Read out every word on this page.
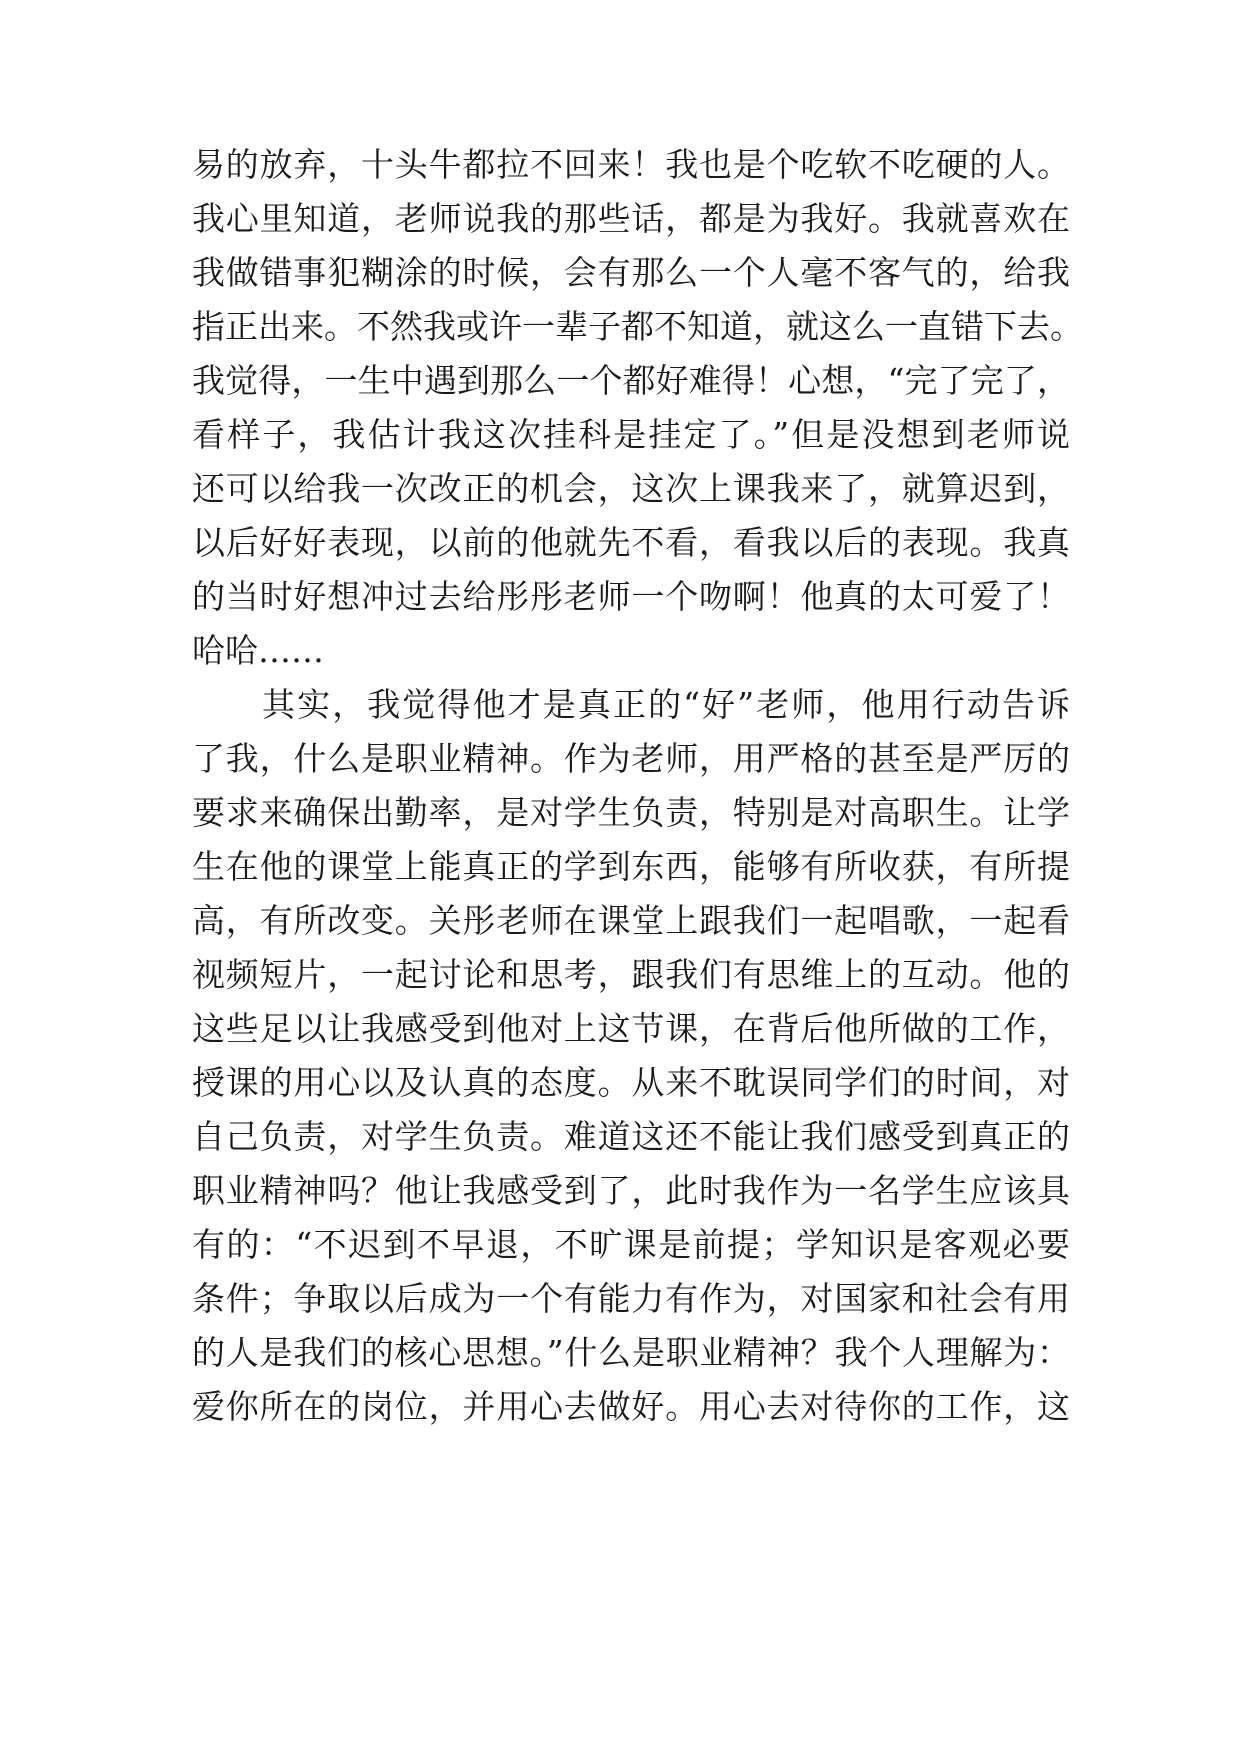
易的放弃，十头牛都拉不回来！我也是个吃软不吃硬的人。
我心里知道，老师说我的那些话，都是为我好。我就喜欢在
我做错事犯糊涂的时候，会有那么一个人毫不客气的，给我
指正出来。不然我或许一辈子都不知道，就这么一直错下去。
我觉得，一生中遇到那么一个都好难得！心想，“完了完了，
看样子，我估计我这次挂科是挂定了。”但是没想到老师说
还可以给我一次改正的机会，这次上课我来了，就算迟到，
以后好好表现，以前的他就先不看，看我以后的表现。我真
的当时好想冲过去给彤彤老师一个吻啊！他真的太可爱了！
哈哈……
其实，我觉得他才是真正的“好”老师，他用行动告诉
了我，什么是职业精神。作为老师，用严格的甚至是严厉的
要求来确保出勤率，是对学生负责，特别是对高职生。让学
生在他的课堂上能真正的学到东西，能够有所收获，有所提
高，有所改变。关彤老师在课堂上跟我们一起唱歌，一起看
视频短片，一起讨论和思考，跟我们有思维上的互动。他的
这些足以让我感受到他对上这节课，在背后他所做的工作，
授课的用心以及认真的态度。从来不耽误同学们的时间，对
自己负责，对学生负责。难道这还不能让我们感受到真正的
职业精神吗？他让我感受到了，此时我作为一名学生应该具
有的：“不迟到不早退，不旷课是前提；学知识是客观必要
条件；争取以后成为一个有能力有作为，对国家和社会有用
的人是我们的核心思想。”什么是职业精神？我个人理解为：
爱你所在的岗位，并用心去做好。用心去对待你的工作，这
